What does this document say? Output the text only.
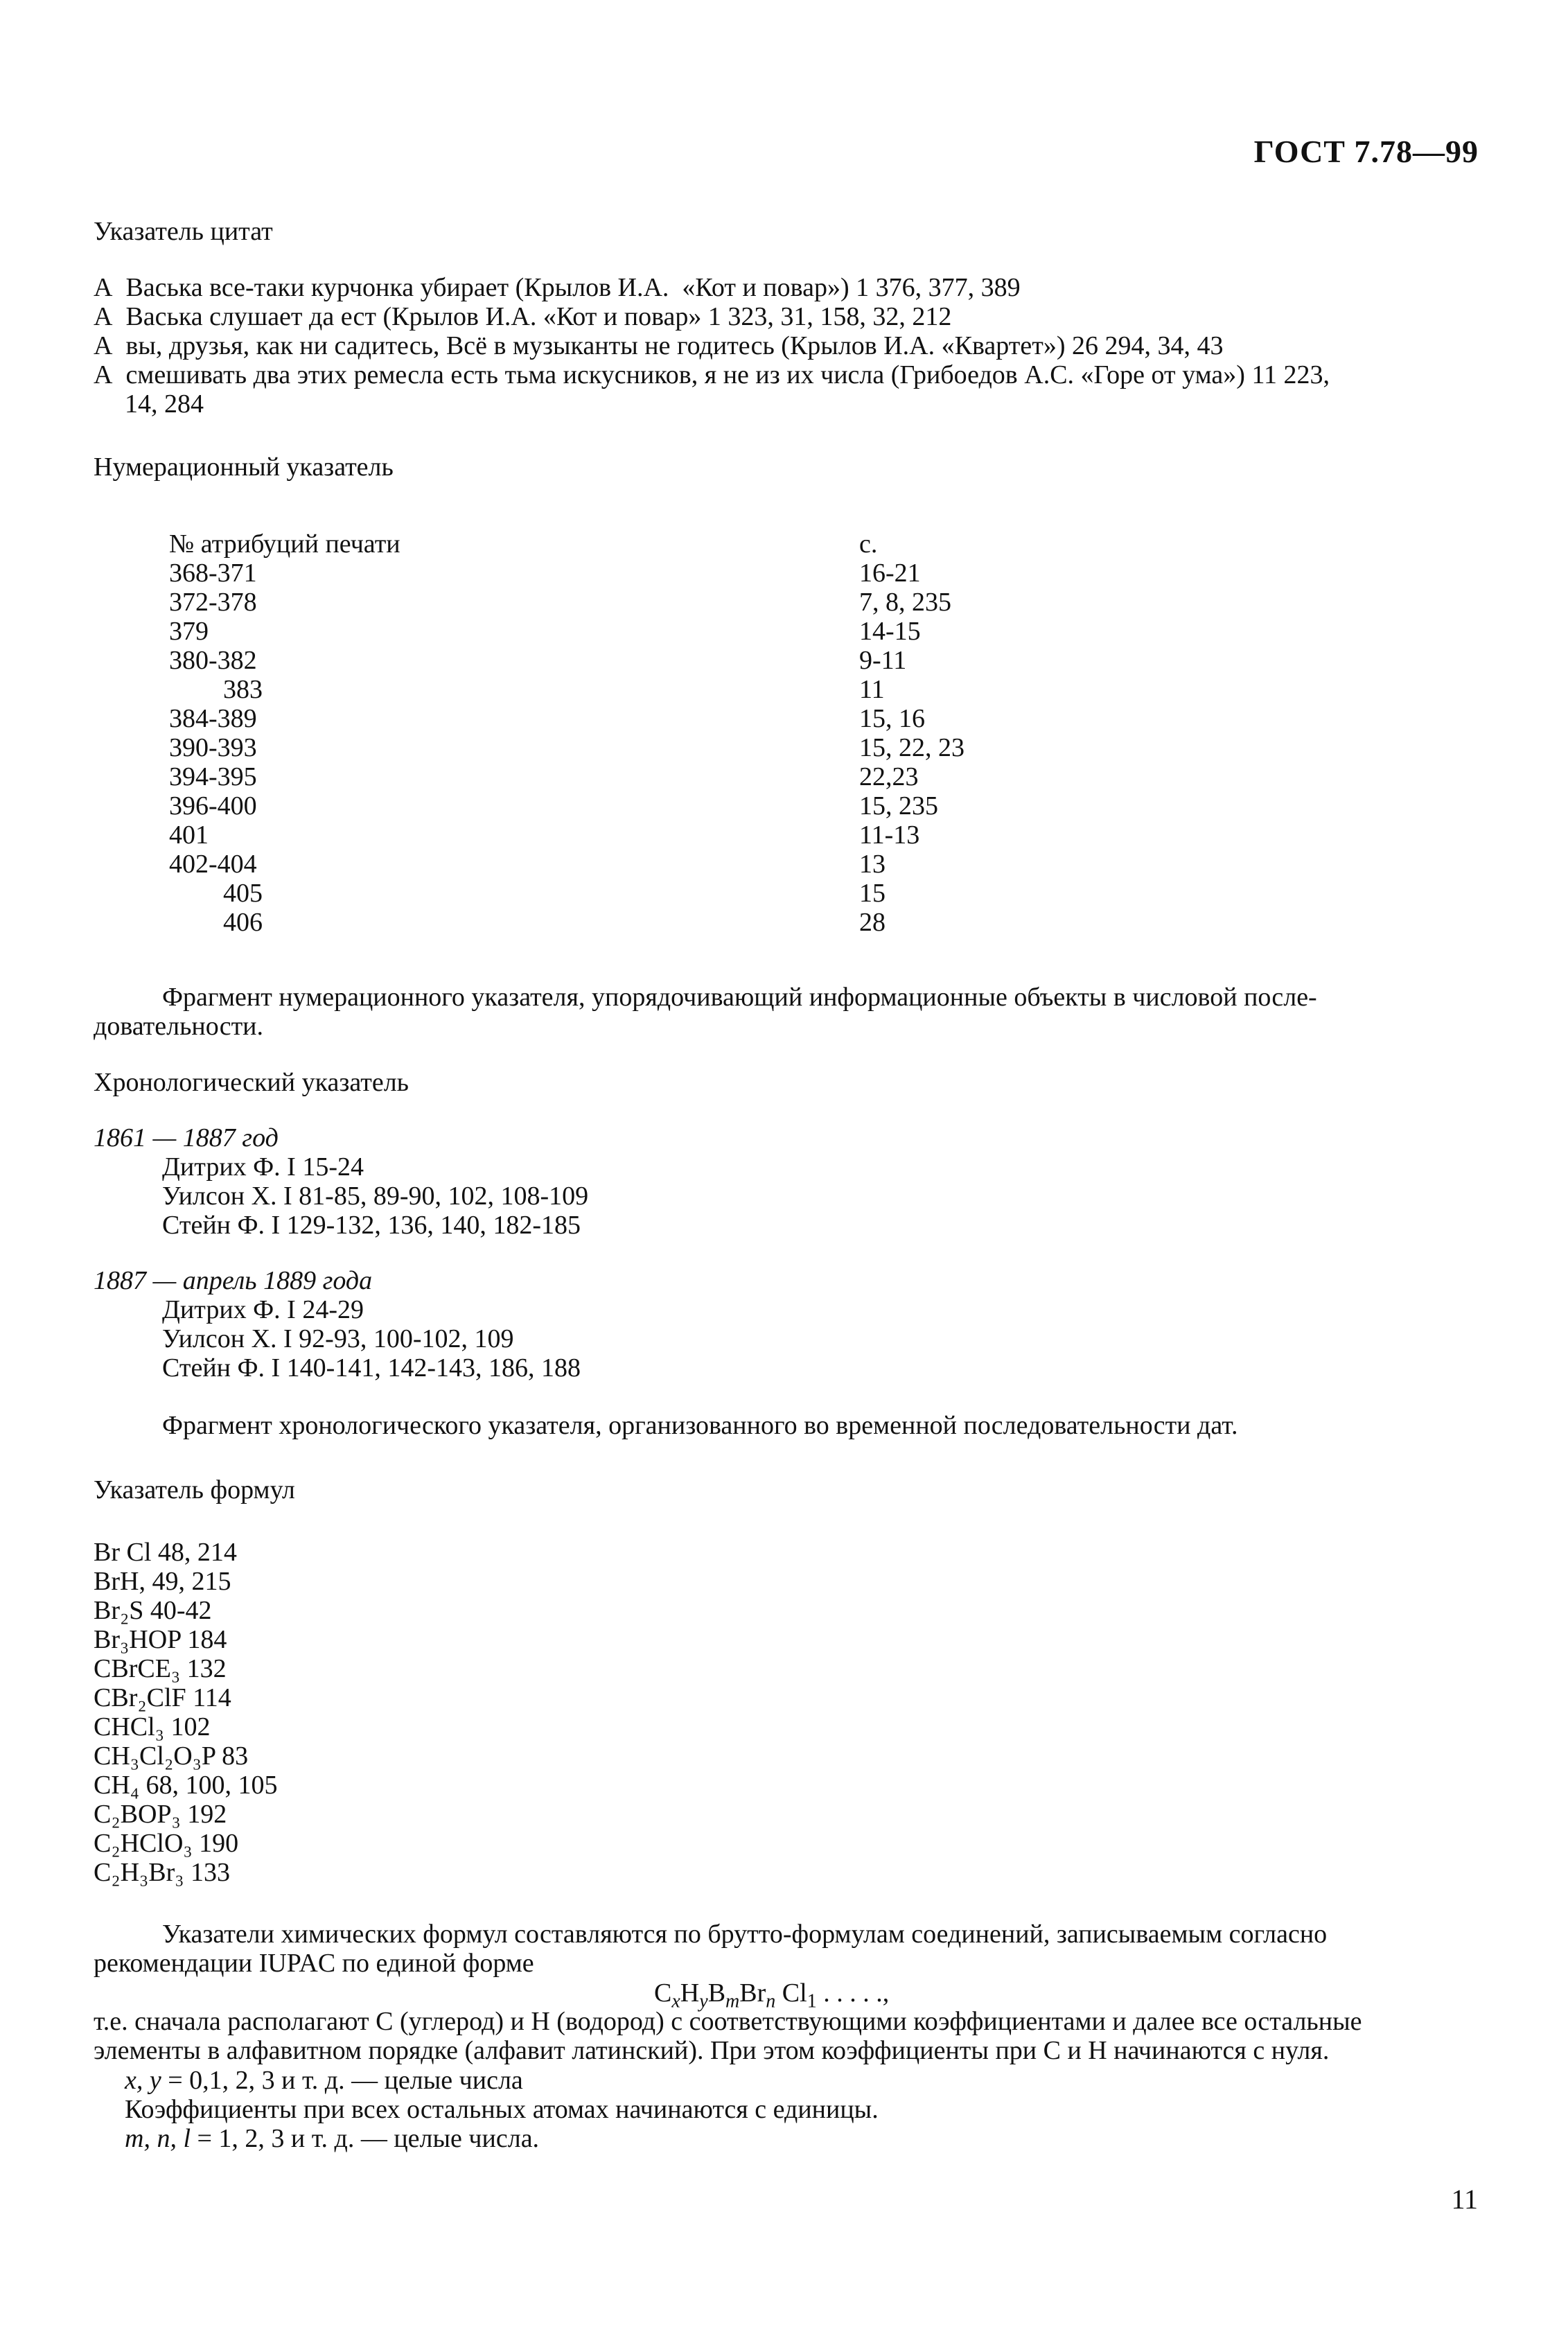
ГОСТ 7.78—99
Указатель цитат
А  Васька все-таки курчонка убирает (Крылов И.А.  «Кот и повар») 1 376, 377, 389
А  Васька слушает да ест (Крылов И.А. «Кот и повар» 1 323, 31, 158, 32, 212
А  вы, друзья, как ни садитесь, Всё в музыканты не годитесь (Крылов И.А. «Квартет») 26 294, 34, 43
А  смешивать два этих ремесла есть тьма искусников, я не из их числа (Грибоедов А.С. «Горе от ума») 11 223,
14, 284
Нумерационный указатель
№ атрибуций печати	с.
368-371	16-21
372-378	7, 8, 235
379	14-15
380-382	9-11
383	11
384-389	15, 16
390-393	15, 22, 23
394-395	22,23
396-400	15, 235
401	11-13
402-404	13
405	15
406	28
Фрагмент нумерационного указателя, упорядочивающий информационные объекты в числовой после-
довательности.
Хронологический указатель
1861 — 1887 год
Дитрих Ф. I 15-24
Уилсон Х. I 81-85, 89-90, 102, 108-109
Стейн Ф. I 129-132, 136, 140, 182-185
1887 — апрель 1889 года
Дитрих Ф. I 24-29
Уилсон Х. I 92-93, 100-102, 109
Стейн Ф. I 140-141, 142-143, 186, 188
Фрагмент хронологического указателя, организованного во временной последовательности дат.
Указатель формул
Br Cl 48, 214
BrH, 49, 215
Br₂S 40-42
Br₃HOP 184
CBrCE₃ 132
CBr₂ClF 114
CHCl₃ 102
CH₃Cl₂O₃P 83
CH₄ 68, 100, 105
C₂BOP₃ 192
C₂HClO₃ 190
C₂H₃Br₃ 133
Указатели химических формул составляются по брутто-формулам соединений, записываемым согласно
рекомендации IUPAC по единой форме
$C_xH_yB_mBr_n$ $Cl_1$ . . . . .,
т.е. сначала располагают С (углерод) и Н (водород) с соответствующими коэффициентами и далее все остальные
элементы в алфавитном порядке (алфавит латинский). При этом коэффициенты при С и Н начинаются с нуля.
x, y = 0,1, 2, 3 и т. д. — целые числа
Коэффициенты при всех остальных атомах начинаются с единицы.
m, n, l = 1, 2, 3 и т. д. — целые числа.
11
